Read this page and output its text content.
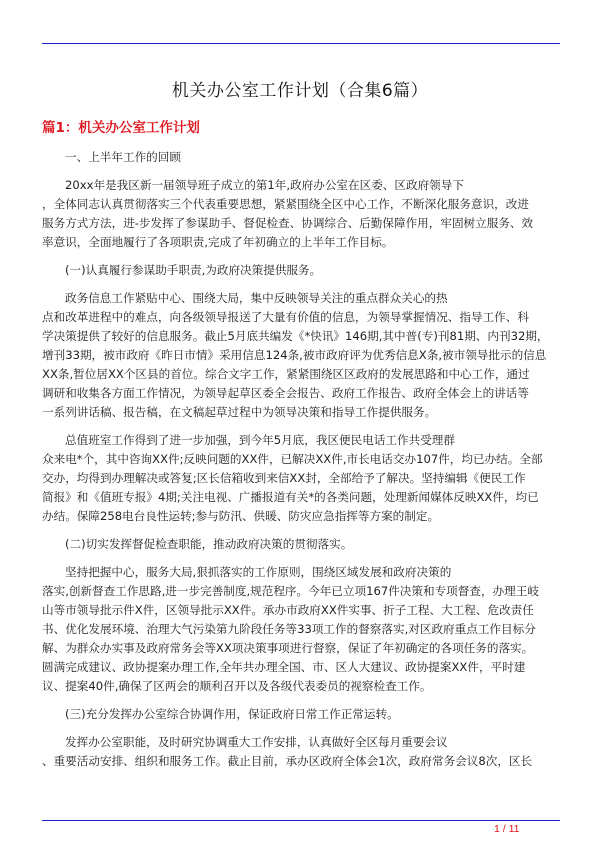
机关办公室工作计划（合集6篇）
篇1：机关办公室工作计划
一、上半年工作的回顾
20xx年是我区新一届领导班子成立的第1年,政府办公室在区委、区政府领导下
，全体同志认真贯彻落实三个代表重要思想，紧紧围绕全区中心工作，不断深化服务意识，改进
服务方式方法，进-步发挥了参谋助手、督促检查、协调综合、后勤保障作用，牢固树立服务、效
率意识，全面地履行了各项职责,完成了年初确立的上半年工作目标。
(一)认真履行参谋助手职责,为政府决策提供服务。
政务信息工作紧贴中心、围绕大局，集中反映领导关注的重点群众关心的热
点和改革进程中的难点，向各级领导报送了大量有价值的信息，为领导掌握情况、指导工作、科
学决策提供了较好的信息服务。截止5月底共编发《*快讯》146期,其中普(专)刊81期、内刊32期，
增刊33期，被市政府《昨日市情》采用信息124条,被市政府评为优秀信息X条,被市领导批示的信息
XX条,暂位居XX个区县的首位。综合文字工作，紧紧围绕区区政府的发展思路和中心工作，通过
调研和收集各方面工作情况，为领导起草区委全会报告、政府工作报告、政府全体会上的讲话等
一系列讲话稿、报告稿，在文稿起草过程中为领导决策和指导工作提供服务。
总值班室工作得到了进一步加强，到今年5月底，我区便民电话工作共受理群
众来电*个，其中咨询XX件;反映问题的XX件，已解决XX件,市长电话交办107件，均已办结。全部
交办，均得到办理解决或答复;区长信箱收到来信XX封，全部给予了解决。坚持编辑《便民工作
简报》和《值班专报》4期;关注电视、广播报道有关*的各类问题，处理新闻媒体反映XX件，均已
办结。保障258电台良性运转;参与防汛、供暖、防灾应急指挥等方案的制定。
(二)切实发挥督促检查职能，推动政府决策的贯彻落实。
坚持把握中心，服务大局,狠抓落实的工作原则，围绕区域发展和政府决策的
落实,创新督查工作思路,进一步完善制度,规范程序。今年已立项167件决策和专项督查，办理王岐
山等市领导批示件X件，区领导批示XX件。承办市政府XX件实事、折子工程、大工程、危改责任
书、优化发展环境、治理大气污染第九阶段任务等33项工作的督察落实,对区政府重点工作目标分
解、为群众办实事及政府常务会等XX项决策事项进行督察，保证了年初确定的各项任务的落实。
圆满完成建议、政协提案办理工作,全年共办理全国、市、区人大建议、政协提案XX件，平时建
议、提案40件,确保了区两会的顺利召开以及各级代表委员的视察检查工作。
(三)充分发挥办公室综合协调作用，保证政府日常工作正常运转。
发挥办公室职能，及时研究协调重大工作安排，认真做好全区每月重要会议
、重要活动安排、组织和服务工作。截止目前，承办区政府全体会1次，政府常务会议8次，区长
1 / 11
